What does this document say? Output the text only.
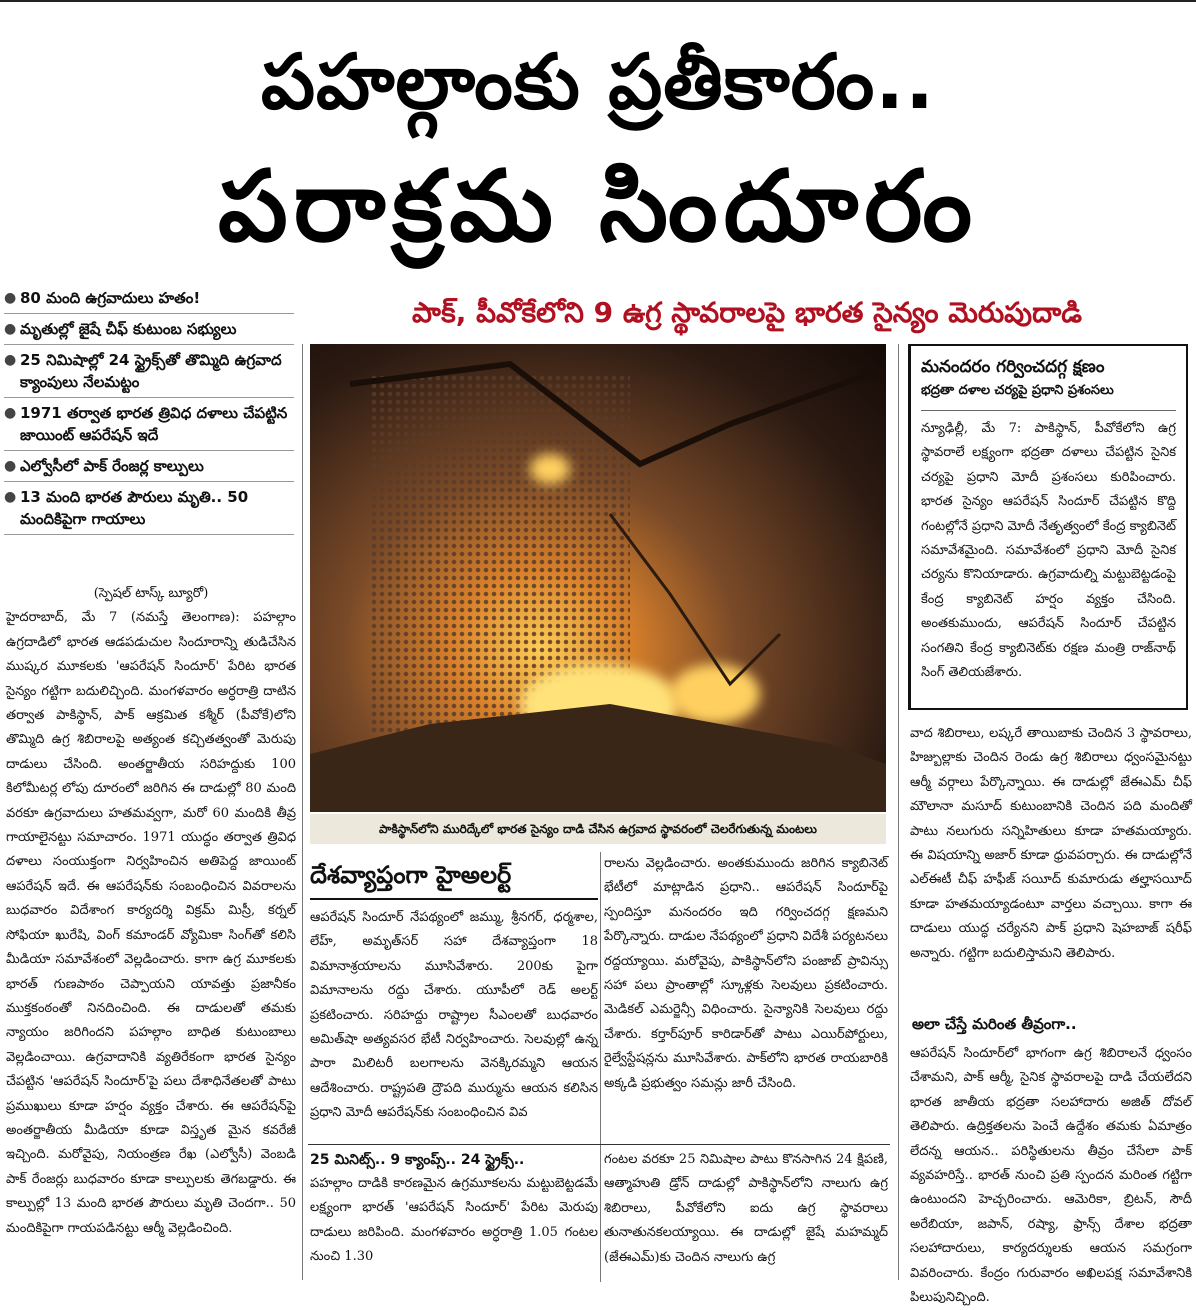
పహల్గాంకు ప్రతీకారం..
పరాక్రమ సిందూరం
పాక్, పీవోకేలోని 9 ఉగ్ర స్థావరాలపై భారత సైన్యం మెరుపుదాడి
● 80 మంది ఉగ్రవాదులు హతం!
● మృతుల్లో జైషే చీఫ్ కుటుంబ సభ్యులు
● 25 నిమిషాల్లో 24 స్ట్రైక్స్‌తో తొమ్మిది ఉగ్రవాద క్యాంపులు నేలమట్టం
● 1971 తర్వాత భారత త్రివిధ దళాలు చేపట్టిన జాయింట్ ఆపరేషన్ ఇదే
● ఎల్వోసీలో పాక్ రేంజర్ల కాల్పులు
● 13 మంది భారత పౌరులు మృతి.. 50 మందికిపైగా గాయాలు
(స్పెషల్ టాస్క్ బ్యూరో)
హైదరాబాద్, మే 7 (నమస్తే తెలంగాణ): పహల్గాం ఉగ్రదాడిలో భారత ఆడపడుచుల సిందూరాన్ని తుడిచేసిన ముష్కర మూకలకు 'ఆపరేషన్ సిందూర్' పేరిట భారత సైన్యం గట్టిగా బదులిచ్చింది. మంగళవారం అర్ధరాత్రి దాటిన తర్వాత పాకిస్థాన్, పాక్ ఆక్రమిత కశ్మీర్ (పీవోకే)లోని తొమ్మిది ఉగ్ర శిబిరాలపై అత్యంత కచ్చితత్వంతో మెరుపు దాడులు చేసింది. అంతర్జాతీయ సరిహద్దుకు 100 కిలోమీటర్ల లోపు దూరంలో జరిగిన ఈ దాడుల్లో 80 మంది వరకూ ఉగ్రవాదులు హతమవ్వగా, మరో 60 మందికి తీవ్ర గాయాలైనట్టు సమాచారం. 1971 యుద్ధం తర్వాత త్రివిధ దళాలు సంయుక్తంగా నిర్వహించిన అతిపెద్ద జాయింట్ ఆపరేషన్ ఇదే. ఈ ఆపరేషన్‌కు సంబంధించిన వివరాలను బుధవారం విదేశాంగ కార్యదర్శి విక్రమ్ మిస్రీ, కర్నల్ సోఫియా ఖురేషి, వింగ్ కమాండర్ వ్యోమికా సింగ్‌తో కలిసి మీడియా సమావేశంలో వెల్లడించారు. కాగా ఉగ్ర మూకలకు భారత్ గుణపాఠం చెప్పాయని యావత్తు ప్రజానీకం ముక్తకంఠంతో నినదించింది. ఈ దాడులతో తమకు న్యాయం జరిగిందని పహల్గాం బాధిత కుటుంబాలు వెల్లడించాయి. ఉగ్రవాదానికి వ్యతిరేకంగా భారత సైన్యం చేపట్టిన 'ఆపరేషన్ సిందూర్'పై పలు దేశాధినేతలతో పాటు ప్రముఖులు కూడా హర్షం వ్యక్తం చేశారు. ఈ ఆపరేషన్‌పై అంతర్జాతీయ మీడియా కూడా విస్తృత మైన కవరేజీ ఇచ్చింది. మరోవైపు, నియంత్రణ రేఖ (ఎల్వోసీ) వెంబడి పాక్ రేంజర్లు బుధవారం కూడా కాల్పులకు తెగబడ్డారు. ఈ కాల్పుల్లో 13 మంది భారత పౌరులు మృతి చెందగా.. 50 మందికిపైగా గాయపడినట్టు ఆర్మీ వెల్లడించింది.
పాకిస్థాన్‌లోని మురిద్కేలో భారత సైన్యం దాడి చేసిన ఉగ్రవాద స్థావరంలో చెలరేగుతున్న మంటలు
మనందరం గర్వించదగ్గ క్షణం
భద్రతా దళాల చర్యపై ప్రధాని ప్రశంసలు
న్యూఢిల్లీ, మే 7: పాకిస్థాన్, పీవోకేలోని ఉగ్ర స్థావరాలే లక్ష్యంగా భద్రతా దళాలు చేపట్టిన సైనిక చర్యపై ప్రధాని మోదీ ప్రశంసలు కురిపించారు. భారత సైన్యం ఆపరేషన్ సిందూర్ చేపట్టిన కొద్ది గంటల్లోనే ప్రధాని మోదీ నేతృత్వంలో కేంద్ర క్యాబినెట్ సమావేశమైంది. సమావేశంలో ప్రధాని మోదీ సైనిక చర్యను కొనియాడారు. ఉగ్రవాదుల్ని మట్టుబెట్టడంపై కేంద్ర క్యాబినెట్ హర్షం వ్యక్తం చేసింది. అంతకుముందు, ఆపరేషన్ సిందూర్ చేపట్టిన సంగతిని కేంద్ర క్యాబినెట్‌కు రక్షణ మంత్రి రాజ్‌నాథ్ సింగ్ తెలియజేశారు.
వాద శిబిరాలు, లష్కరే తాయిబాకు చెందిన 3 స్థావరాలు, హిజ్బుల్లాకు చెందిన రెండు ఉగ్ర శిబిరాలు ధ్వంసమైనట్టు ఆర్మీ వర్గాలు పేర్కొన్నాయి. ఈ దాడుల్లో జేఈఎమ్ చీఫ్ మౌలానా మసూద్ కుటుంబానికి చెందిన పది మందితో పాటు నలుగురు సన్నిహితులు కూడా హతమయ్యారు. ఈ విషయాన్ని అజార్ కూడా ధ్రువపర్చారు. ఈ దాడుల్లోనే ఎల్ఈటీ చీఫ్ హఫీజ్ సయీద్ కుమారుడు తల్హాసయీద్ కూడా హతమయ్యాడంటూ వార్తలు వచ్చాయి. కాగా ఈ దాడులు యుద్ధ చర్యేనని పాక్ ప్రధాని షెహబాజ్ షరీఫ్ అన్నారు. గట్టిగా బదులిస్తామని తెలిపారు.
అలా చేస్తే మరింత తీవ్రంగా..
ఆపరేషన్ సిందూర్‌లో భాగంగా ఉగ్ర శిబిరాలనే ధ్వంసం చేశామని, పాక్ ఆర్మీ, సైనిక స్థావరాలపై దాడి చేయలేదని భారత జాతీయ భద్రతా సలహాదారు అజిత్ దోవల్ తెలిపారు. ఉద్రిక్తతలను పెంచే ఉద్దేశం తమకు ఏమాత్రం లేదన్న ఆయన.. పరిస్థితులను తీవ్రం చేసేలా పాక్ వ్యవహరిస్తే.. భారత్ నుంచి ప్రతి స్పందన మరింత గట్టిగా ఉంటుందని హెచ్చరించారు. ఆమెరికా, బ్రిటన్, సౌదీ అరేబియా, జపాన్, రష్యా, ఫ్రాన్స్ దేశాల భద్రతా సలహాదారులు, కార్యదర్శులకు ఆయన సమగ్రంగా వివరించారు. కేంద్రం గురువారం అఖిలపక్ష సమావేశానికి పిలుపునిచ్చింది.
దేశవ్యాప్తంగా హైఅలర్ట్
ఆపరేషన్ సిందూర్ నేపథ్యంలో జమ్ము, శ్రీనగర్, ధర్మశాల, లేహ్, అమృత్‌సర్ సహా దేశవ్యాప్తంగా 18 విమానాశ్రయాలను మూసివేశారు. 200కు పైగా విమానాలను రద్దు చేశారు. యూపీలో రెడ్ అలర్ట్ ప్రకటించారు. సరిహద్దు రాష్ట్రాల సీఎంలతో బుధవారం అమిత్‌షా అత్యవసర భేటీ నిర్వహించారు. సెలవుల్లో ఉన్న పారా మిలిటరీ బలగాలను వెనక్కిరమ్మని ఆయన ఆదేశించారు. రాష్ట్రపతి ద్రౌపది ముర్మును ఆయన కలిసిన ప్రధాని మోదీ ఆపరేషన్‌కు సంబంధించిన వివ
రాలను వెల్లడించారు. అంతకుముందు జరిగిన క్యాబినెట్ భేటీలో మాట్లాడిన ప్రధాని.. ఆపరేషన్ సిందూర్‌పై స్పందిస్తూ మనందరం ఇది గర్వించదగ్గ క్షణమని పేర్కొన్నారు. దాడుల నేపథ్యంలో ప్రధాని విదేశీ పర్యటనలు రద్దయ్యాయి. మరోవైపు, పాకిస్థాన్‌లోని పంజాబ్ ప్రావిన్సు సహా పలు ప్రాంతాల్లో స్కూళ్లకు సెలవులు ప్రకటించారు. మెడికల్ ఎమర్జెన్సీ విధించారు. సైన్యానికి సెలవులు రద్దు చేశారు. కర్తార్‌పూర్ కారిడార్‌తో పాటు ఎయిర్‌పోర్టులు, రైల్వేస్టేషన్లను మూసివేశారు. పాక్‌లోని భారత రాయబారికి అక్కడి ప్రభుత్వం సమన్లు జారీ చేసింది.
25 మినిట్స్.. 9 క్యాంప్స్.. 24 స్ట్రైక్స్..
పహల్గాం దాడికి కారణమైన ఉగ్రమూకలను మట్టుబెట్టడమే లక్ష్యంగా భారత్ 'ఆపరేషన్ సిందూర్' పేరిట మెరుపు దాడులు జరిపింది. మంగళవారం అర్ధరాత్రి 1.05 గంటల నుంచి 1.30
గంటల వరకూ 25 నిమిషాల పాటు కొనసాగిన 24 క్షిపణి, ఆత్మాహుతి డ్రోన్ దాడుల్లో పాకిస్థాన్‌లోని నాలుగు ఉగ్ర శిబిరాలు, పీవోకేలోని ఐదు ఉగ్ర స్థావరాలు తునాతునకలయ్యాయి. ఈ దాడుల్లో జైషే మహమ్మద్ (జేఈఎమ్)కు చెందిన నాలుగు ఉగ్ర
